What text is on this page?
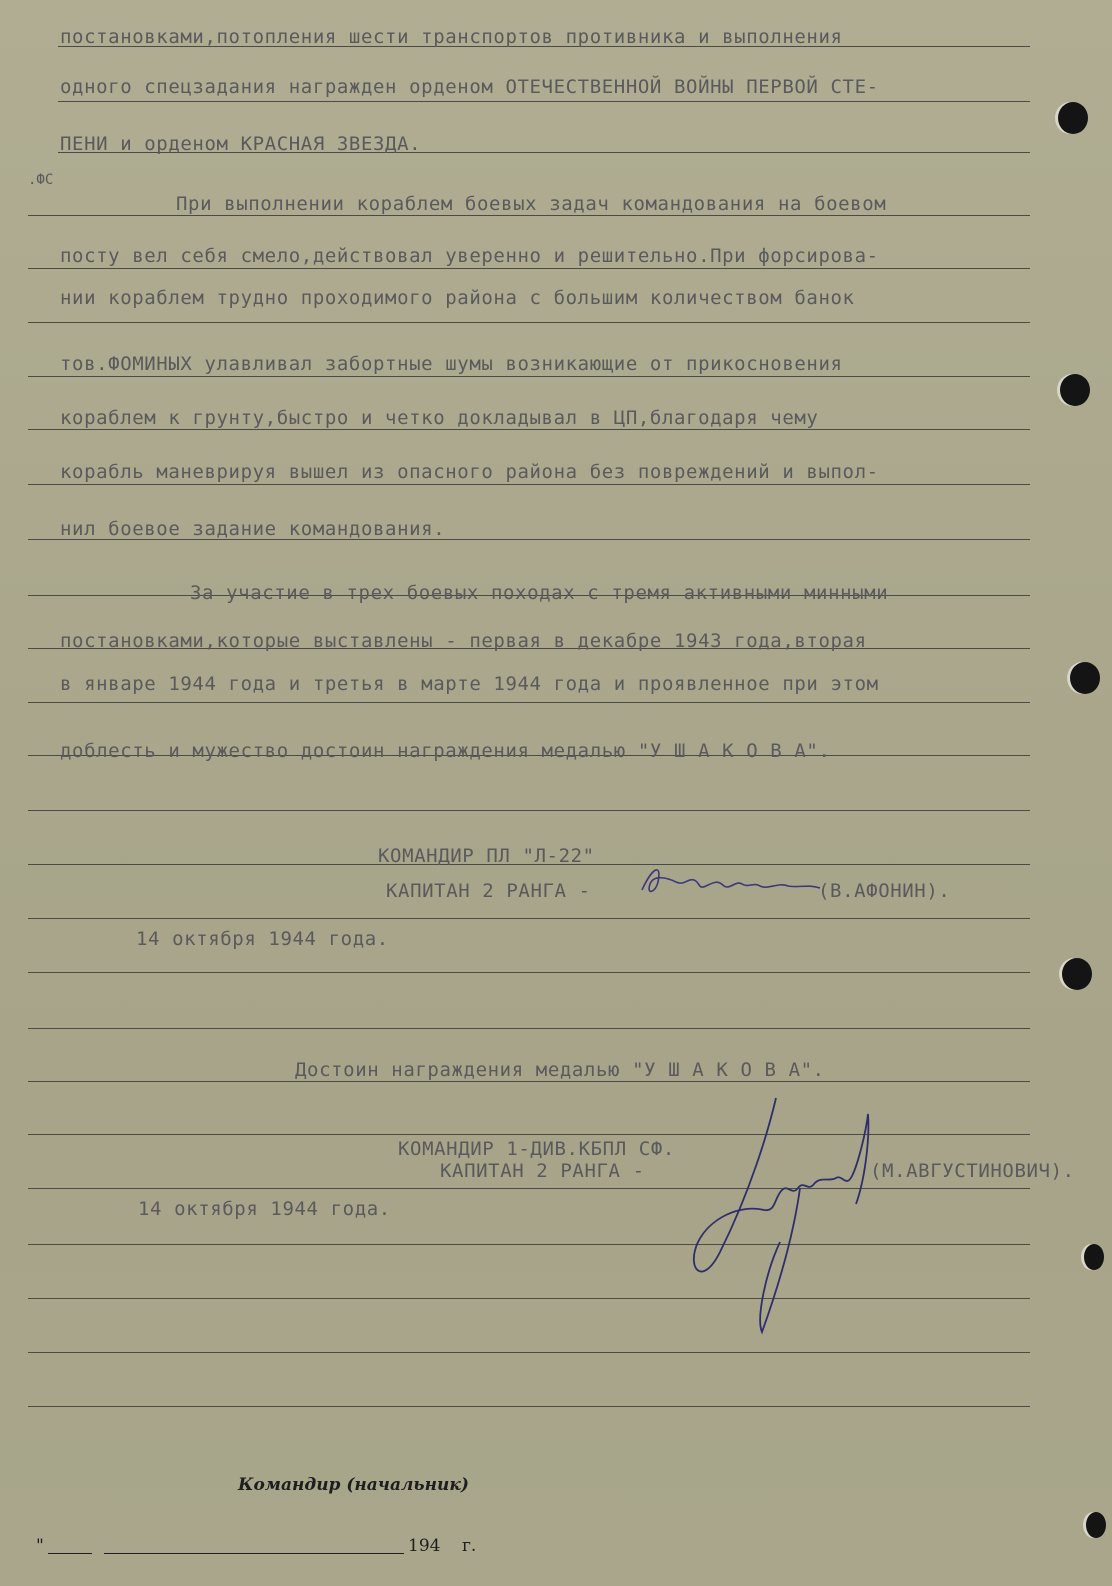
постановками,потопления шести транспортов противника и выполнения
одного спецзадания награжден орденом ОТЕЧЕСТВЕННОЙ ВОЙНЫ ПЕРВОЙ СТЕ-
ПЕНИ и орденом КРАСНАЯ ЗВЕЗДА.
.ФС
При выполнении кораблем боевых задач командования на боевом
посту вел себя смело,действовал уверенно и решительно.При форсирова-
нии кораблем трудно проходимого района с большим количеством банок
тов.ФОМИНЫХ улавливал забортные шумы возникающие от прикосновения
кораблем к грунту,быстро и четко докладывал в ЦП,благодаря чему
корабль маневрируя вышел из опасного района без повреждений и выпол-
нил боевое задание командования.
За участие в трех боевых походах с тремя активными минными
постановками,которые выставлены - первая в декабре 1943 года,вторая
в январе 1944 года и третья в марте 1944 года и проявленное при этом
доблесть и мужество достоин награждения медалью "У Ш А К О В А".
КОМАНДИР ПЛ "Л-22"
КАПИТАН 2 РАНГА -	(В.АФОНИН).
14 октября 1944 года.
Достоин награждения медалью "У Ш А К О В А".
КОМАНДИР 1-ДИВ.КБПЛ СФ.
КАПИТАН 2 РАНГА -	(М.АВГУСТИНОВИЧ).
14 октября 1944 года.
Командир (начальник)
"	194 г.
